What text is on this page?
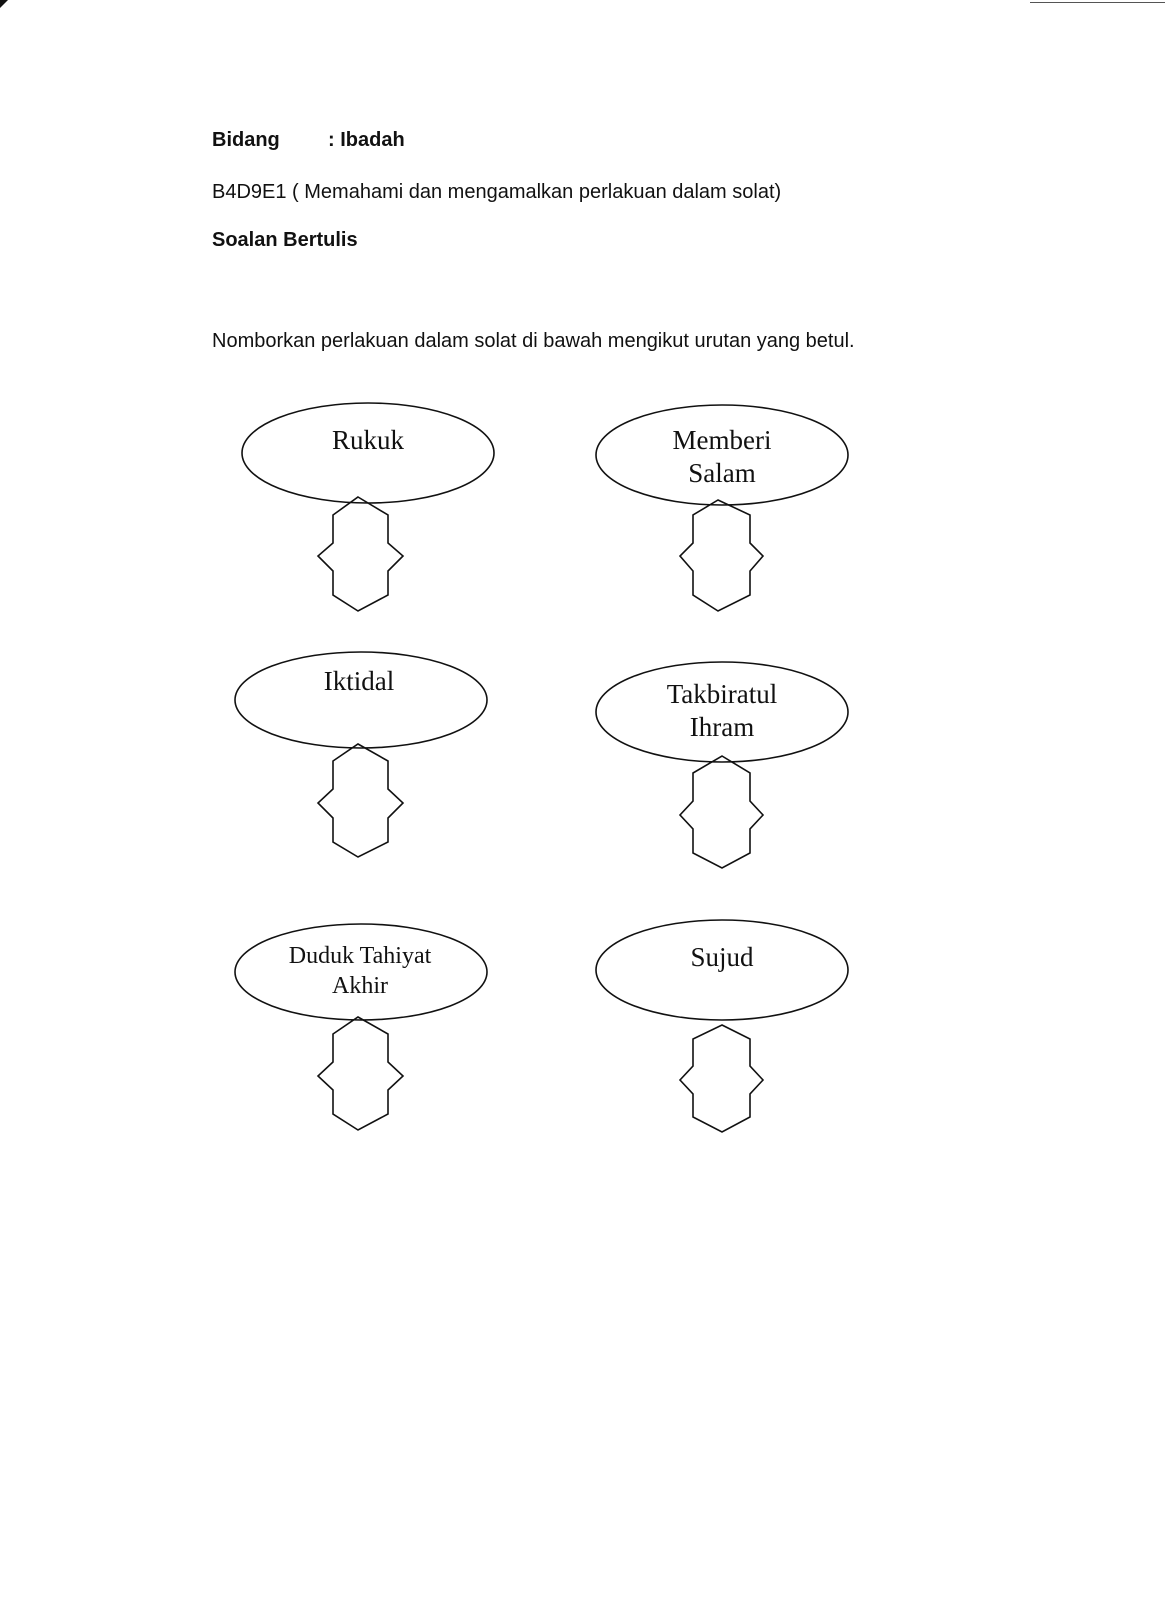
Bidang : Ibadah
B4D9E1 ( Memahami dan mengamalkan perlakuan dalam solat)
Soalan Bertulis
Nomborkan perlakuan dalam solat di bawah mengikut urutan yang betul.
Rukuk	Memberi
Salam
Iktidal	Takbiratul
Ihram
Duduk Tahiyat
Akhir
Sujud
